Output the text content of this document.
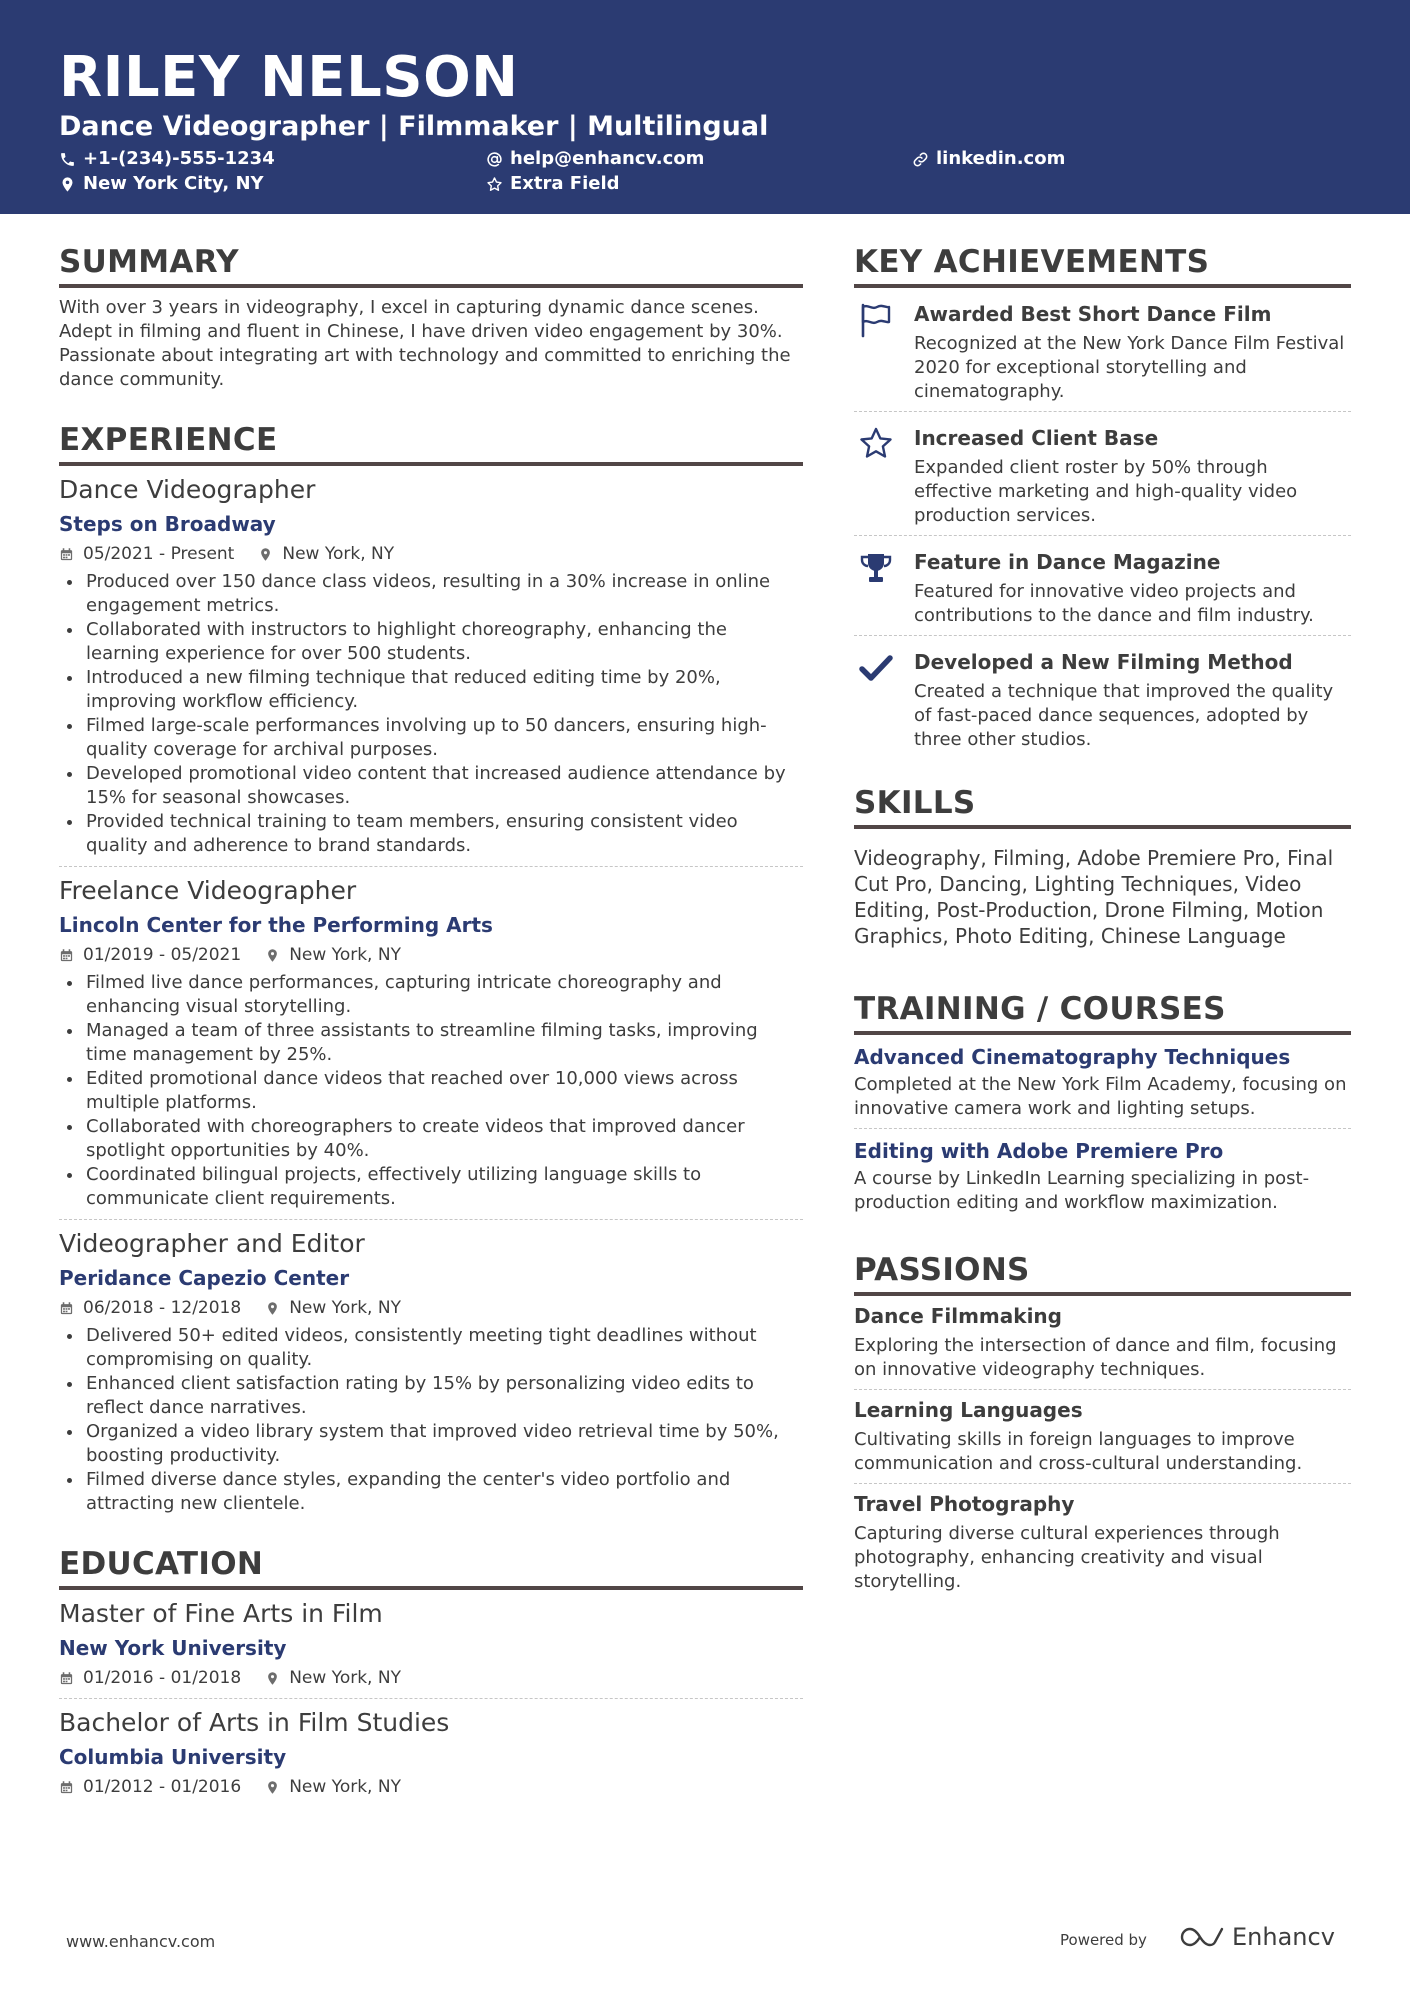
RILEY NELSON
Dance Videographer | Filmmaker | Multilingual
+1-(234)-555-1234	help@enhancv.com	linkedin.com
New York City, NY	Extra Field
SUMMARY
With over 3 years in videography, I excel in capturing dynamic dance scenes. Adept in filming and fluent in Chinese, I have driven video engagement by 30%. Passionate about integrating art with technology and committed to enriching the dance community.
EXPERIENCE
Dance Videographer
Steps on Broadway
05/2021 - Present	New York, NY
Produced over 150 dance class videos, resulting in a 30% increase in online engagement metrics.
Collaborated with instructors to highlight choreography, enhancing the learning experience for over 500 students.
Introduced a new filming technique that reduced editing time by 20%, improving workflow efficiency.
Filmed large-scale performances involving up to 50 dancers, ensuring high-quality coverage for archival purposes.
Developed promotional video content that increased audience attendance by 15% for seasonal showcases.
Provided technical training to team members, ensuring consistent video quality and adherence to brand standards.
Freelance Videographer
Lincoln Center for the Performing Arts
01/2019 - 05/2021	New York, NY
Filmed live dance performances, capturing intricate choreography and enhancing visual storytelling.
Managed a team of three assistants to streamline filming tasks, improving time management by 25%.
Edited promotional dance videos that reached over 10,000 views across multiple platforms.
Collaborated with choreographers to create videos that improved dancer spotlight opportunities by 40%.
Coordinated bilingual projects, effectively utilizing language skills to communicate client requirements.
Videographer and Editor
Peridance Capezio Center
06/2018 - 12/2018	New York, NY
Delivered 50+ edited videos, consistently meeting tight deadlines without compromising on quality.
Enhanced client satisfaction rating by 15% by personalizing video edits to reflect dance narratives.
Organized a video library system that improved video retrieval time by 50%, boosting productivity.
Filmed diverse dance styles, expanding the center's video portfolio and attracting new clientele.
EDUCATION
Master of Fine Arts in Film
New York University
01/2016 - 01/2018	New York, NY
Bachelor of Arts in Film Studies
Columbia University
01/2012 - 01/2016	New York, NY
KEY ACHIEVEMENTS
Awarded Best Short Dance Film
Recognized at the New York Dance Film Festival 2020 for exceptional storytelling and cinematography.
Increased Client Base
Expanded client roster by 50% through effective marketing and high-quality video production services.
Feature in Dance Magazine
Featured for innovative video projects and contributions to the dance and film industry.
Developed a New Filming Method
Created a technique that improved the quality of fast-paced dance sequences, adopted by three other studios.
SKILLS
Videography, Filming, Adobe Premiere Pro, Final Cut Pro, Dancing, Lighting Techniques, Video Editing, Post-Production, Drone Filming, Motion Graphics, Photo Editing, Chinese Language
TRAINING / COURSES
Advanced Cinematography Techniques
Completed at the New York Film Academy, focusing on innovative camera work and lighting setups.
Editing with Adobe Premiere Pro
A course by LinkedIn Learning specializing in post-production editing and workflow maximization.
PASSIONS
Dance Filmmaking
Exploring the intersection of dance and film, focusing on innovative videography techniques.
Learning Languages
Cultivating skills in foreign languages to improve communication and cross-cultural understanding.
Travel Photography
Capturing diverse cultural experiences through photography, enhancing creativity and visual storytelling.
www.enhancv.com	Powered by	Enhancv
